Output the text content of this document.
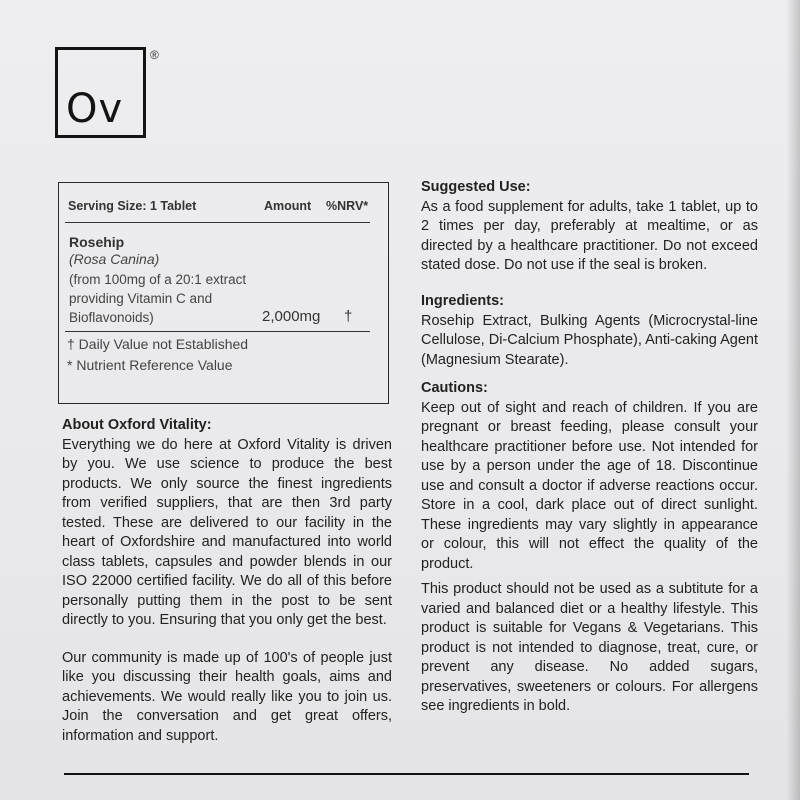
Ov
®
Serving Size: 1 Tablet	Amount %NRV*
Rosehip
(Rosa Canina)
(from 100mg of a 20:1 extract providing Vitamin C and Bioflavonoids)	2,000mg †
† Daily Value not Established
* Nutrient Reference Value
About Oxford Vitality:

Everything we do here at Oxford Vitality is driven by you. We use science to produce the best products. We only source the finest ingredients from verified suppliers, that are then 3rd party tested. These are delivered to our facility in the heart of Oxfordshire and manufactured into world class tablets, capsules and powder blends in our ISO 22000 certified facility. We do all of this before personally putting them in the post to be sent directly to you. Ensuring that you only get the best.

Our community is made up of 100's of people just like you discussing their health goals, aims and achievements. We would really like you to join us. Join the conversation and get great offers, information and support.

Suggested Use:

As a food supplement for adults, take 1 tablet, up to 2 times per day, preferably at mealtime, or as directed by a healthcare practitioner. Do not exceed stated dose. Do not use if the seal is broken.

Ingredients:

Rosehip Extract, Bulking Agents (Microcrystal-line Cellulose, Di-Calcium Phosphate), Anti-caking Agent (Magnesium Stearate).

Cautions:

Keep out of sight and reach of children. If you are pregnant or breast feeding, please consult your healthcare practitioner before use. Not intended for use by a person under the age of 18. Discontinue use and consult a doctor if adverse reactions occur. Store in a cool, dark place out of direct sunlight. These ingredients may vary slightly in appearance or colour, this will not effect the quality of the product.

This product should not be used as a subtitute for a varied and balanced diet or a healthy lifestyle. This product is suitable for Vegans & Vegetarians. This product is not intended to diagnose, treat, cure, or prevent any disease. No added sugars, preservatives, sweeteners or colours. For allergens see ingredients in bold.
